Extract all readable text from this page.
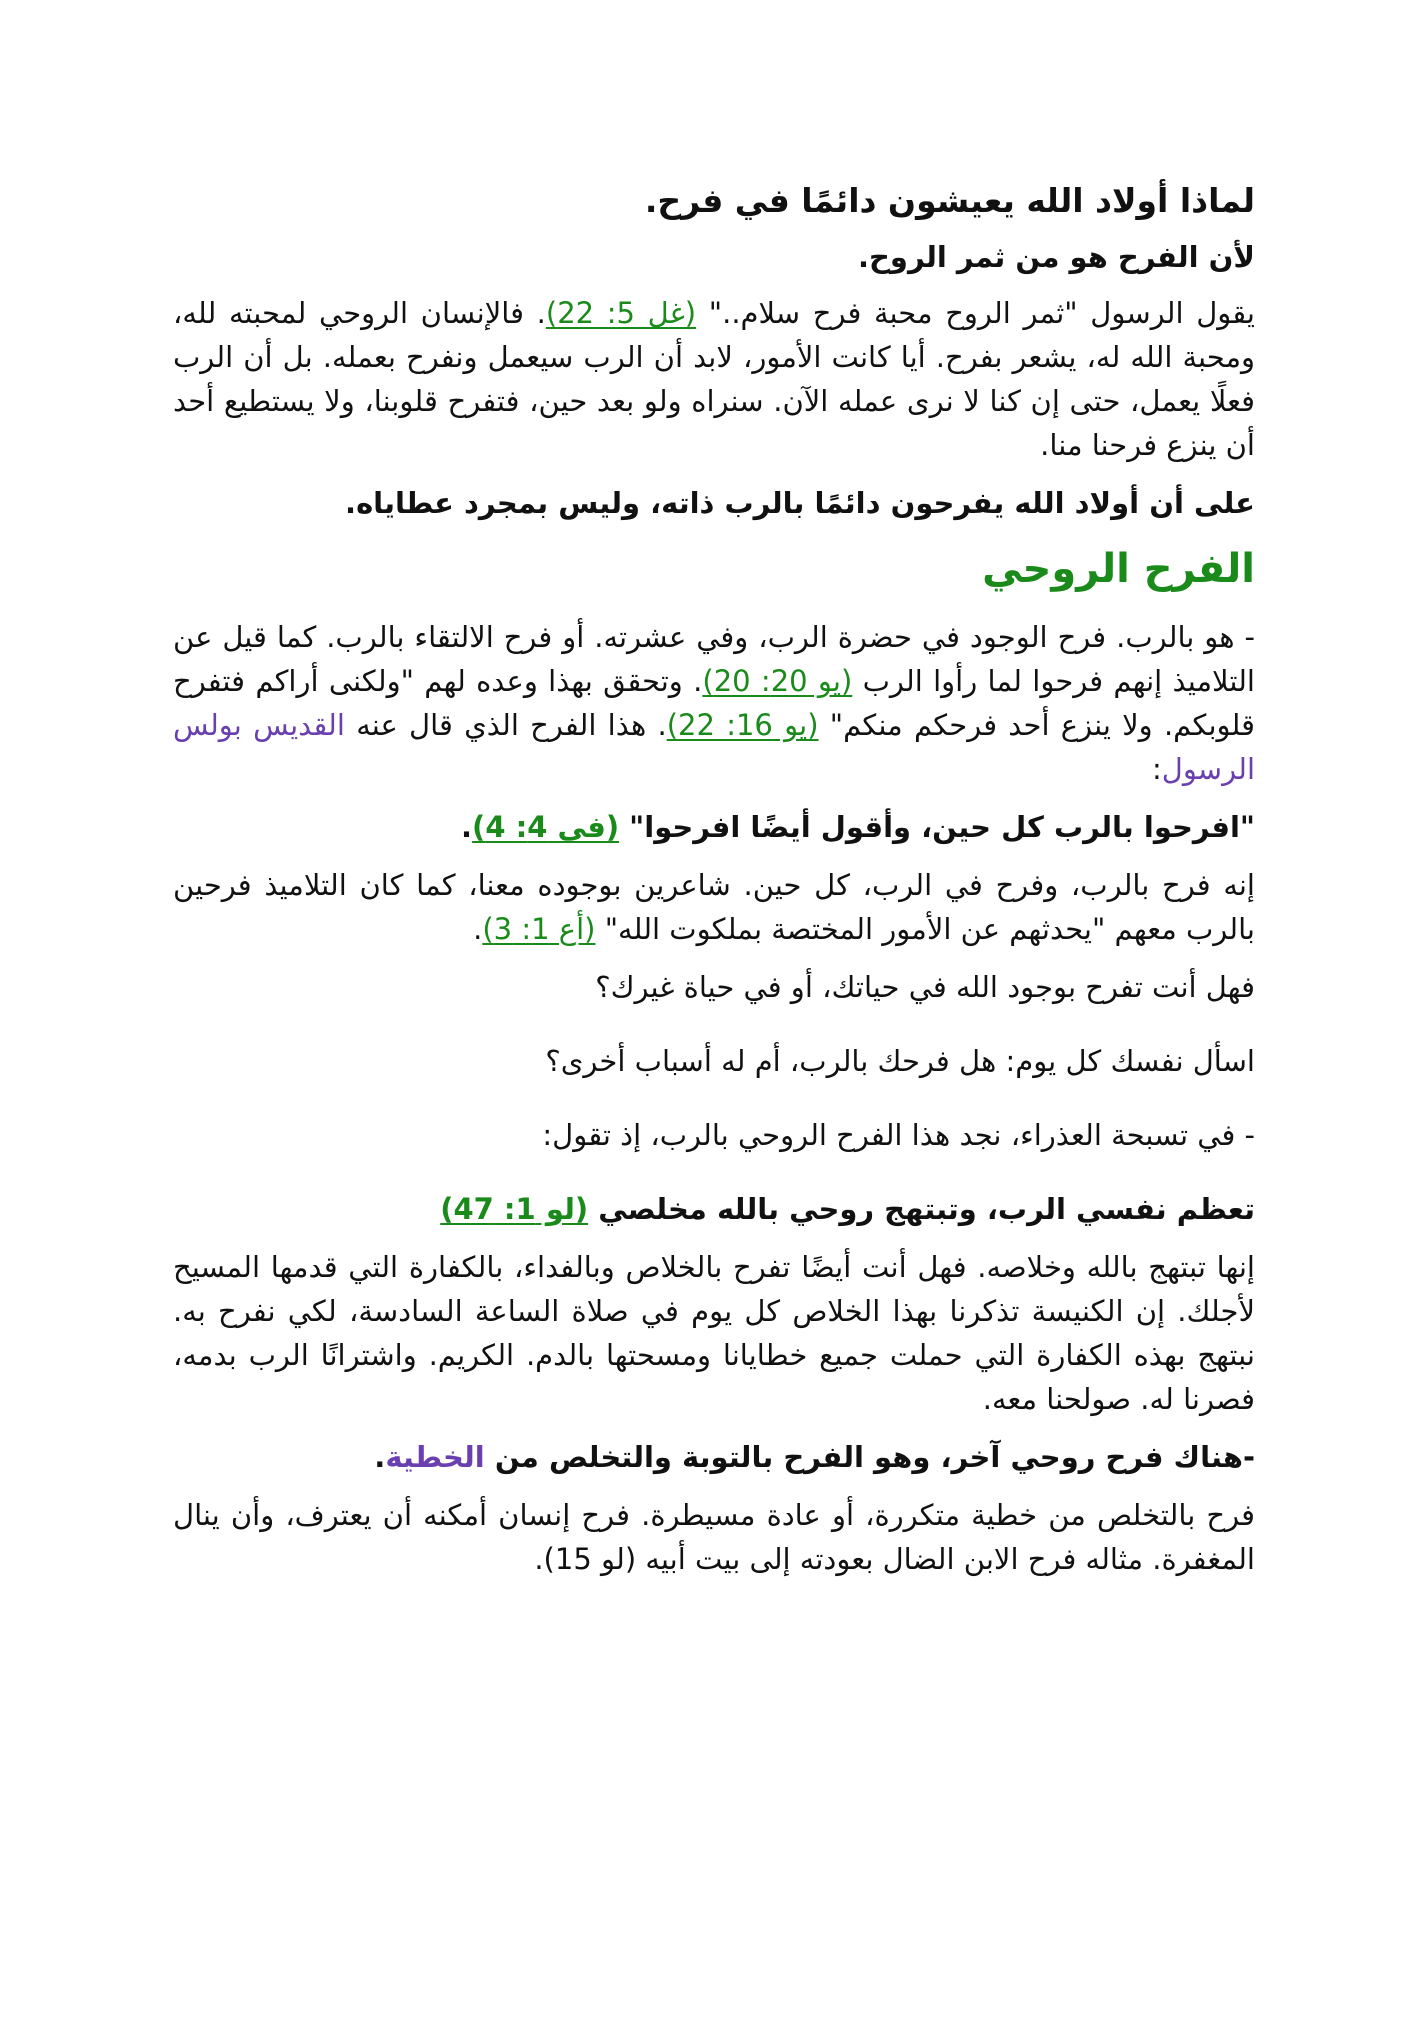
لماذا أولاد الله يعيشون دائمًا في فرح.
لأن الفرح هو من ثمر الروح.

يقول الرسول "ثمر الروح محبة فرح سلام.." (غل 5: 22). فالإنسان الروحي لمحبته لله، ومحبة الله له، يشعر بفرح. أيا كانت الأمور، لابد أن الرب سيعمل ونفرح بعمله. بل أن الرب فعلًا يعمل، حتى إن كنا لا نرى عمله الآن. سنراه ولو بعد حين، فتفرح قلوبنا، ولا يستطيع أحد أن ينزع فرحنا منا.

على أن أولاد الله يفرحون دائمًا بالرب ذاته، وليس بمجرد عطاياه.

الفرح الروحي

- هو بالرب. فرح الوجود في حضرة الرب، وفي عشرته. أو فرح الالتقاء بالرب. كما قيل عن التلاميذ إنهم فرحوا لما رأوا الرب (يو 20: 20). وتحقق بهذا وعده لهم "ولكنى أراكم فتفرح قلوبكم. ولا ينزع أحد فرحكم منكم" (يو 16: 22). هذا الفرح الذي قال عنه القديس بولس الرسول:

"افرحوا بالرب كل حين، وأقول أيضًا افرحوا" (فى 4: 4).

إنه فرح بالرب، وفرح في الرب، كل حين. شاعرين بوجوده معنا، كما كان التلاميذ فرحين بالرب معهم "يحدثهم عن الأمور المختصة بملكوت الله" (أع 1: 3).

فهل أنت تفرح بوجود الله في حياتك، أو في حياة غيرك؟

اسأل نفسك كل يوم: هل فرحك بالرب، أم له أسباب أخرى؟

- في تسبحة العذراء، نجد هذا الفرح الروحي بالرب، إذ تقول:

تعظم نفسي الرب، وتبتهج روحي بالله مخلصي (لو 1: 47)

إنها تبتهج بالله وخلاصه. فهل أنت أيضًا تفرح بالخلاص وبالفداء، بالكفارة التي قدمها المسيح لأجلك. إن الكنيسة تذكرنا بهذا الخلاص كل يوم في صلاة الساعة السادسة، لكي نفرح به. نبتهج بهذه الكفارة التي حملت جميع خطايانا ومسحتها بالدم. الكريم. واشترانًا الرب بدمه، فصرنا له. صولحنا معه.

-هناك فرح روحي آخر، وهو الفرح بالتوبة والتخلص من الخطية.

فرح بالتخلص من خطية متكررة، أو عادة مسيطرة. فرح إنسان أمكنه أن يعترف، وأن ينال المغفرة. مثاله فرح الابن الضال بعودته إلى بيت أبيه (لو 15).
